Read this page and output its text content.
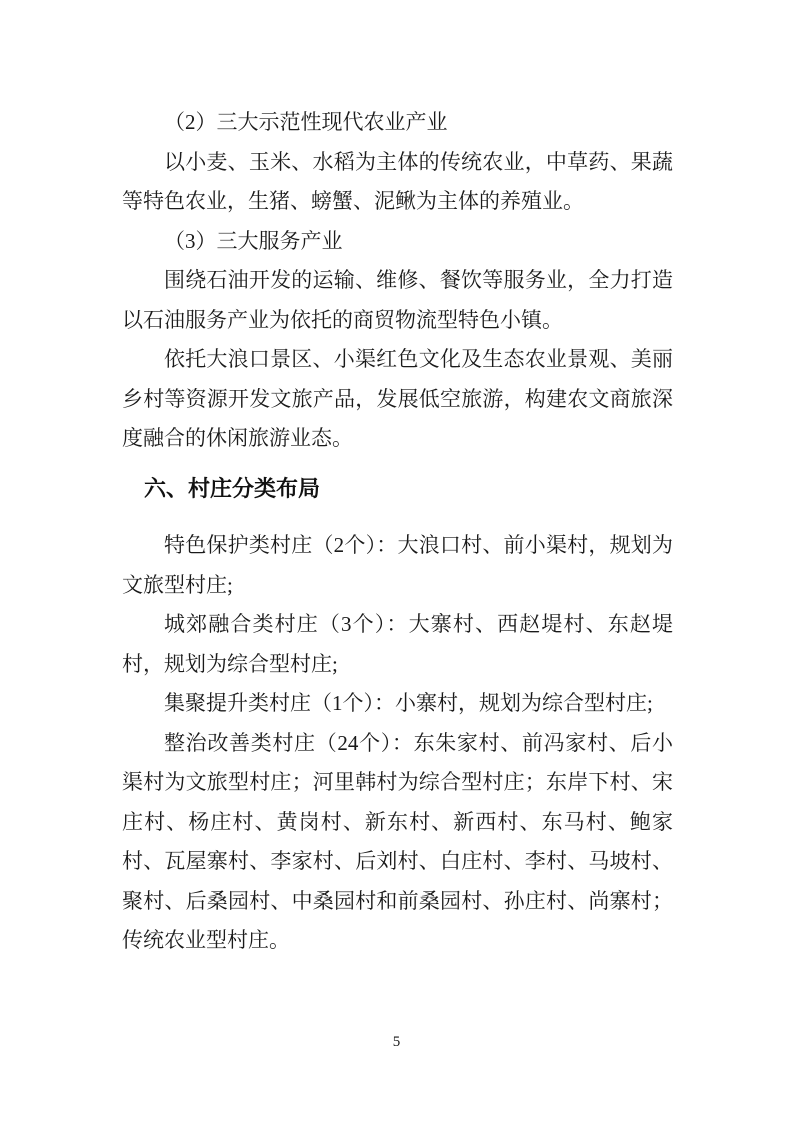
（2）三大示范性现代农业产业

以小麦、玉米、水稻为主体的传统农业，中草药、果蔬等特色农业，生猪、螃蟹、泥鳅为主体的养殖业。

（3）三大服务产业

围绕石油开发的运输、维修、餐饮等服务业，全力打造以石油服务产业为依托的商贸物流型特色小镇。

依托大浪口景区、小渠红色文化及生态农业景观、美丽乡村等资源开发文旅产品，发展低空旅游，构建农文商旅深度融合的休闲旅游业态。

六、村庄分类布局

特色保护类村庄（2个）：大浪口村、前小渠村，规划为文旅型村庄;

城郊融合类村庄（3个）：大寨村、西赵堤村、东赵堤村，规划为综合型村庄;

集聚提升类村庄（1个）：小寨村，规划为综合型村庄;

整治改善类村庄（24个）：东朱家村、前冯家村、后小渠村为文旅型村庄；河里韩村为综合型村庄；东岸下村、宋庄村、杨庄村、黄岗村、新东村、新西村、东马村、鲍家村、瓦屋寨村、李家村、后刘村、白庄村、李村、马坡村、聚村、后桑园村、中桑园村和前桑园村、孙庄村、尚寨村；传统农业型村庄。

5
